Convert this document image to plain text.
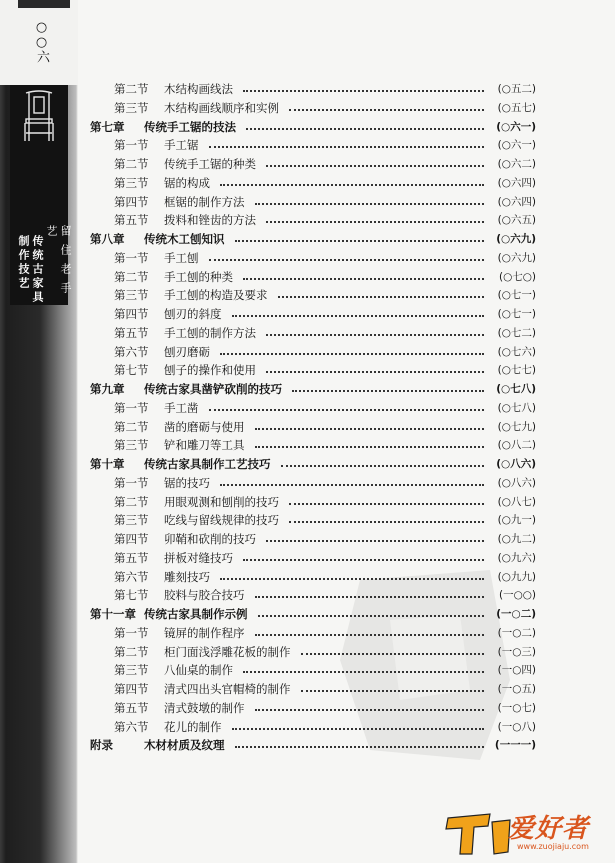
○○六
传统古家具制作技艺	留住老手艺
第二节 木结构画线法	(○五二)
第三节 木结构画线顺序和实例	(○五七)
第七章 传统手工锯的技法	(○六一)
第一节 手工锯	(○六一)
第二节 传统手工锯的种类	(○六二)
第三节 锯的构成	(○六四)
第四节 框锯的制作方法	(○六四)
第五节 拨料和锉齿的方法	(○六五)
第八章 传统木工刨知识	(○六九)
第一节 手工刨	(○六九)
第二节 手工刨的种类	(○七○)
第三节 手工刨的构造及要求	(○七一)
第四节 刨刃的斜度	(○七一)
第五节 手工刨的制作方法	(○七二)
第六节 刨刃磨砺	(○七六)
第七节 刨子的操作和使用	(○七七)
第九章 传统古家具凿铲砍削的技巧	(○七八)
第一节 手工凿	(○七八)
第二节 凿的磨砺与使用	(○七九)
第三节 铲和雕刀等工具	(○八二)
第十章 传统古家具制作工艺技巧	(○八六)
第一节 锯的技巧	(○八六)
第二节 用眼观测和刨削的技巧	(○八七)
第三节 吃线与留线规律的技巧	(○九一)
第四节 卯鞘和砍削的技巧	(○九二)
第五节 拼板对缝技巧	(○九六)
第六节 雕刻技巧	(○九九)
第七节 胶料与胶合技巧	(一○○)
第十一章 传统古家具制作示例	(一○二)
第一节 镜屏的制作程序	(一○二)
第二节 柜门面浅浮雕花板的制作	(一○三)
第三节 八仙桌的制作	(一○四)
第四节 清式四出头官帽椅的制作	(一○五)
第五节 清式鼓墩的制作	(一○七)
第六节 花儿的制作	(一○八)
附录	木材材质及纹理	(一一一)
爱好者
www.zuojiaju.com
